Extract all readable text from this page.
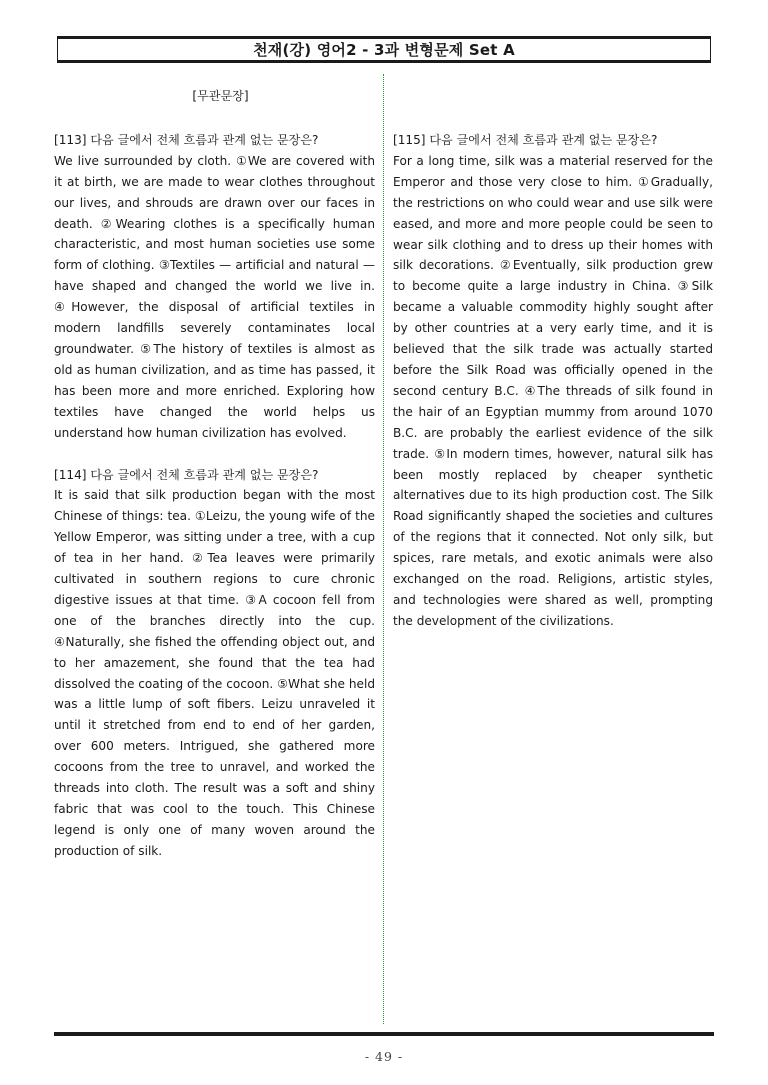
천재(강) 영어2 - 3과 변형문제 Set A
[무관문장]
[113] 다음 글에서 전체 흐름과 관계 없는 문장은?

We live surrounded by cloth. ①We are covered with it at birth, we are made to wear clothes throughout our lives, and shrouds are drawn over our faces in death. ②Wearing clothes is a specifically human characteristic, and most human societies use some form of clothing. ③Textiles — artificial and natural — have shaped and changed the world we live in. ④However, the disposal of artificial textiles in modern landfills severely contaminates local groundwater. ⑤The history of textiles is almost as old as human civilization, and as time has passed, it has been more and more enriched. Exploring how textiles have changed the world helps us understand how human civilization has evolved.

[114] 다음 글에서 전체 흐름과 관계 없는 문장은?

It is said that silk production began with the most Chinese of things: tea. ①Leizu, the young wife of the Yellow Emperor, was sitting under a tree, with a cup of tea in her hand. ②Tea leaves were primarily cultivated in southern regions to cure chronic digestive issues at that time. ③A cocoon fell from one of the branches directly into the cup. ④Naturally, she fished the offending object out, and to her amazement, she found that the tea had dissolved the coating of the cocoon. ⑤What she held was a little lump of soft fibers. Leizu unraveled it until it stretched from end to end of her garden, over 600 meters. Intrigued, she gathered more cocoons from the tree to unravel, and worked the threads into cloth. The result was a soft and shiny fabric that was cool to the touch. This Chinese legend is only one of many woven around the production of silk.

[115] 다음 글에서 전체 흐름과 관계 없는 문장은?

For a long time, silk was a material reserved for the Emperor and those very close to him. ①Gradually, the restrictions on who could wear and use silk were eased, and more and more people could be seen to wear silk clothing and to dress up their homes with silk decorations. ②Eventually, silk production grew to become quite a large industry in China. ③Silk became a valuable commodity highly sought after by other countries at a very early time, and it is believed that the silk trade was actually started before the Silk Road was officially opened in the second century B.C. ④The threads of silk found in the hair of an Egyptian mummy from around 1070 B.C. are probably the earliest evidence of the silk trade. ⑤In modern times, however, natural silk has been mostly replaced by cheaper synthetic alternatives due to its high production cost. The Silk Road significantly shaped the societies and cultures of the regions that it connected. Not only silk, but spices, rare metals, and exotic animals were also exchanged on the road. Religions, artistic styles, and technologies were shared as well, prompting the development of the civilizations.

- 49 -
